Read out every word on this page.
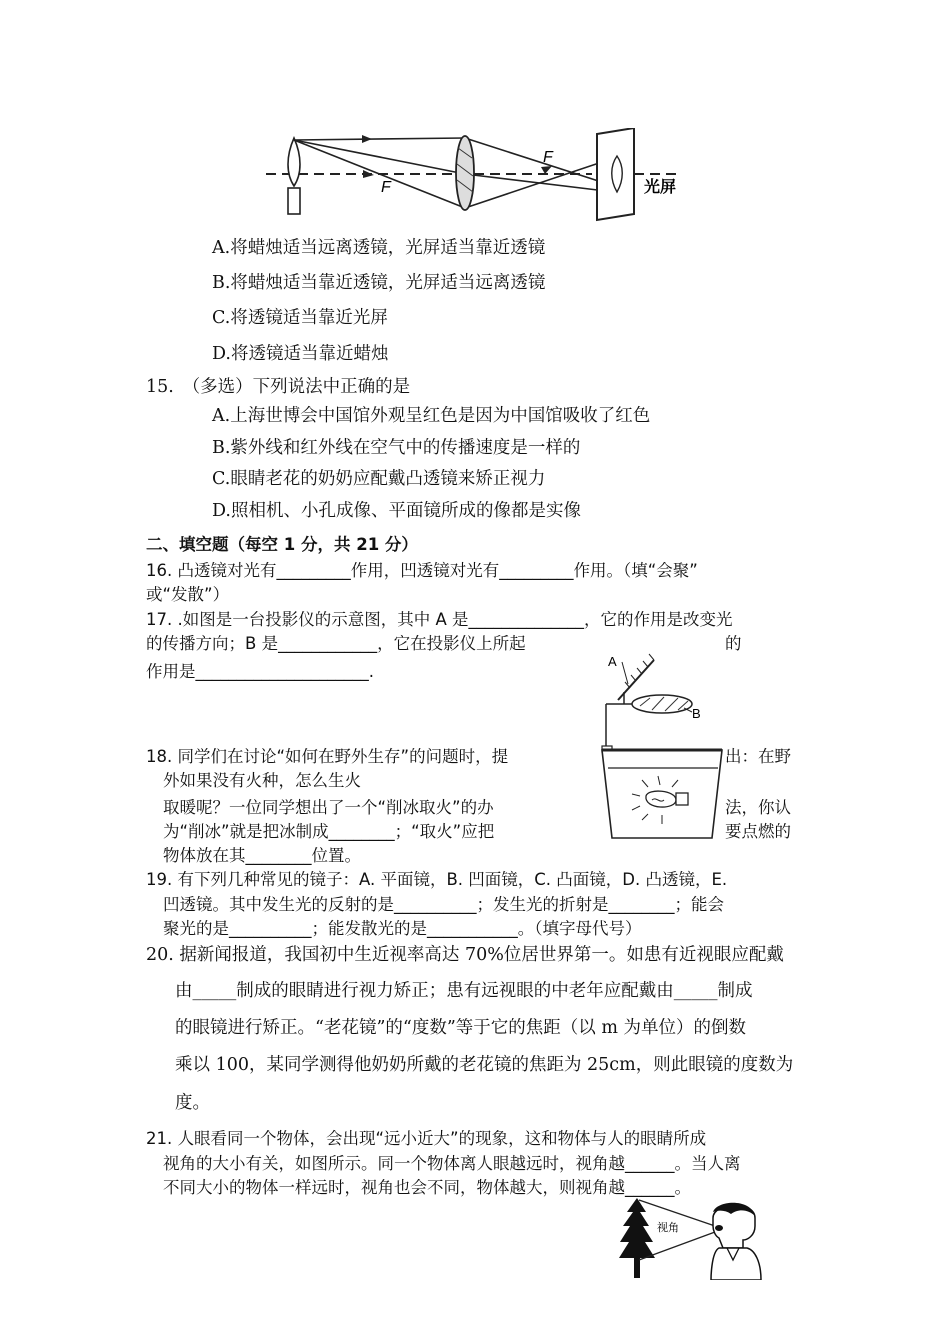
F
F
光屏
A.将蜡烛适当远离透镜，光屏适当靠近透镜
B.将蜡烛适当靠近透镜，光屏适当远离透镜
C.将透镜适当靠近光屏
D.将透镜适当靠近蜡烛
15.　（多选）下列说法中正确的是
A.上海世博会中国馆外观呈红色是因为中国馆吸收了红色
B.紫外线和红外线在空气中的传播速度是一样的
C.眼睛老花的奶奶应配戴凸透镜来矫正视力
D.照相机、小孔成像、平面镜所成的像都是实像
二、填空题（每空 1 分，共 21 分）
16. 凸透镜对光有_________作用，凹透镜对光有_________作用。（填“会聚”
或“发散”）
17. .如图是一台投影仪的示意图，其中 A 是______________，它的作用是改变光
的传播方向；B 是____________，它在投影仪上所起	的
作用是_____________________.
A
B
18. 同学们在讨论“如何在野外生存”的问题时，提	出：在野
外如果没有火种，怎么生火
取暖呢？一位同学想出了一个“削冰取火”的办	法，你认
为“削冰”就是把冰制成________；“取火”应把	要点燃的
物体放在其________位置。
19. 有下列几种常见的镜子：A. 平面镜，B. 凹面镜，C. 凸面镜，D. 凸透镜，E.
凹透镜。其中发生光的反射的是__________；发生光的折射是________；能会
聚光的是__________；能发散光的是___________。（填字母代号）
20. 据新闻报道，我国初中生近视率高达 70%位居世界第一。如患有近视眼应配戴
由_____制成的眼睛进行视力矫正；患有远视眼的中老年应配戴由_____制成
的眼镜进行矫正。“老花镜”的“度数”等于它的焦距（以 m 为单位）的倒数
乘以 100，某同学测得他奶奶所戴的老花镜的焦距为 25cm，则此眼镜的度数为
度。
21. 人眼看同一个物体，会出现“远小近大”的现象，这和物体与人的眼睛所成
视角的大小有关，如图所示。同一个物体离人眼越远时，视角越______。当人离
不同大小的物体一样远时，视角也会不同，物体越大，则视角越______。
视角
